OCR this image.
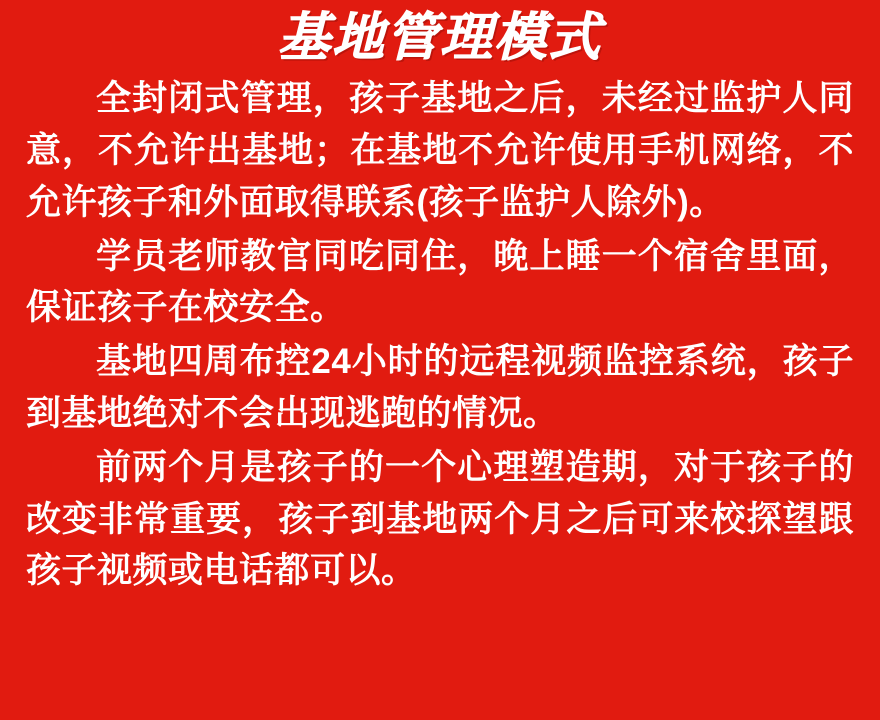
基地管理模式

全封闭式管理，孩子基地之后，未经过监护人同意，不允许出基地；在基地不允许使用手机网络，不允许孩子和外面取得联系(孩子监护人除外)。

学员老师教官同吃同住，晚上睡一个宿舍里面，保证孩子在校安全。

基地四周布控24小时的远程视频监控系统，孩子到基地绝对不会出现逃跑的情况。

前两个月是孩子的一个心理塑造期，对于孩子的改变非常重要，孩子到基地两个月之后可来校探望跟孩子视频或电话都可以。
